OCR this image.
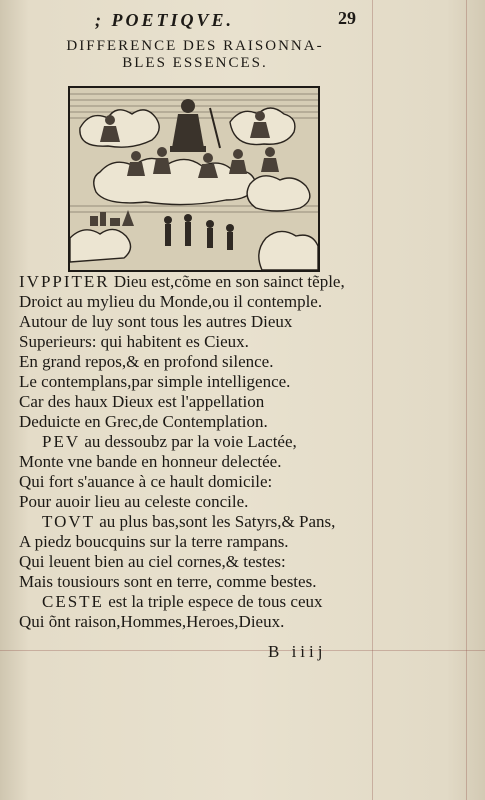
; POETIQVE.	29
DIFFERENCE DES RAISONNA-
BLES ESSENCES.
IVPPITER Dieu est,cõme en son sainct tẽple,
Droict au mylieu du Monde,ou il contemple.
Autour de luy sont tous les autres Dieux
Superieurs: qui habitent es Cieux.
En grand repos,& en profond silence.
Le contemplans,par simple intelligence.
Car des haux Dieux est l'appellation
Deduicte en Grec,de Contemplation.
PEV au dessoubz par la voie Lactée,
Monte vne bande en honneur delectée.
Qui fort s'auance à ce hault domicile:
Pour auoir lieu au celeste concile.
TOVT au plus bas,sont les Satyrs,& Pans,
A piedz boucquins sur la terre rampans.
Qui leuent bien au ciel cornes,& testes:
Mais tousiours sont en terre, comme bestes.
CESTE est la triple espece de tous ceux
Qui õnt raison,Hommes,Heroes,Dieux.
B iiij
